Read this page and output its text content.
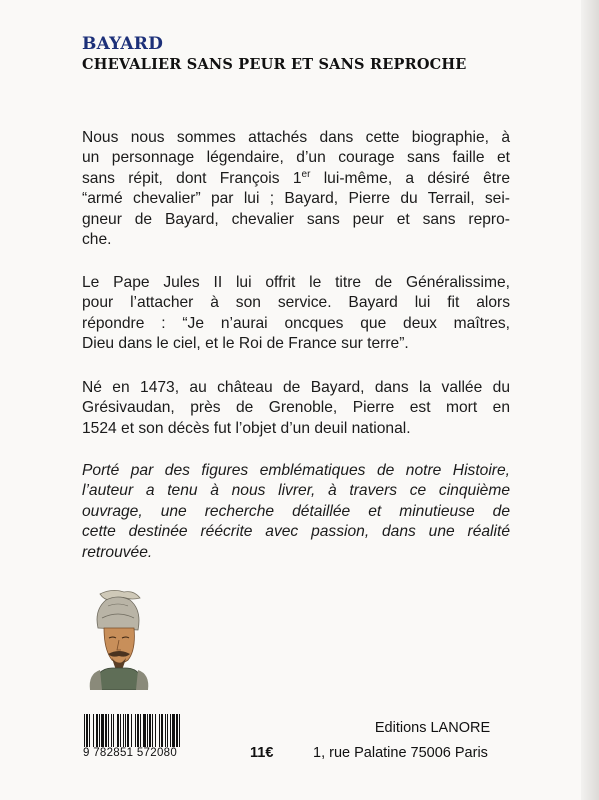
BAYARD
CHEVALIER SANS PEUR ET SANS REPROCHE
Nous nous sommes attachés dans cette biographie, à
un personnage légendaire, d’un courage sans faille et
sans répit, dont François 1er lui-même, a désiré être
“armé chevalier” par lui ; Bayard, Pierre du Terrail, sei-
gneur de Bayard, chevalier sans peur et sans repro-
che.
Le Pape Jules II lui offrit le titre de Généralissime,
pour l’attacher à son service. Bayard lui fit alors
répondre : “Je n’aurai oncques que deux maîtres,
Dieu dans le ciel, et le Roi de France sur terre”.
Né en 1473, au château de Bayard, dans la vallée du
Grésivaudan, près de Grenoble, Pierre est mort en
1524 et son décès fut l’objet d’un deuil national.
Porté par des figures emblématiques de notre Histoire,
l’auteur a tenu à nous livrer, à travers ce cinquième
ouvrage, une recherche détaillée et minutieuse de
cette destinée réécrite avec passion, dans une réalité
retrouvée.
9 782851 572080	11€
Editions LANORE
1, rue Palatine 75006 Paris
